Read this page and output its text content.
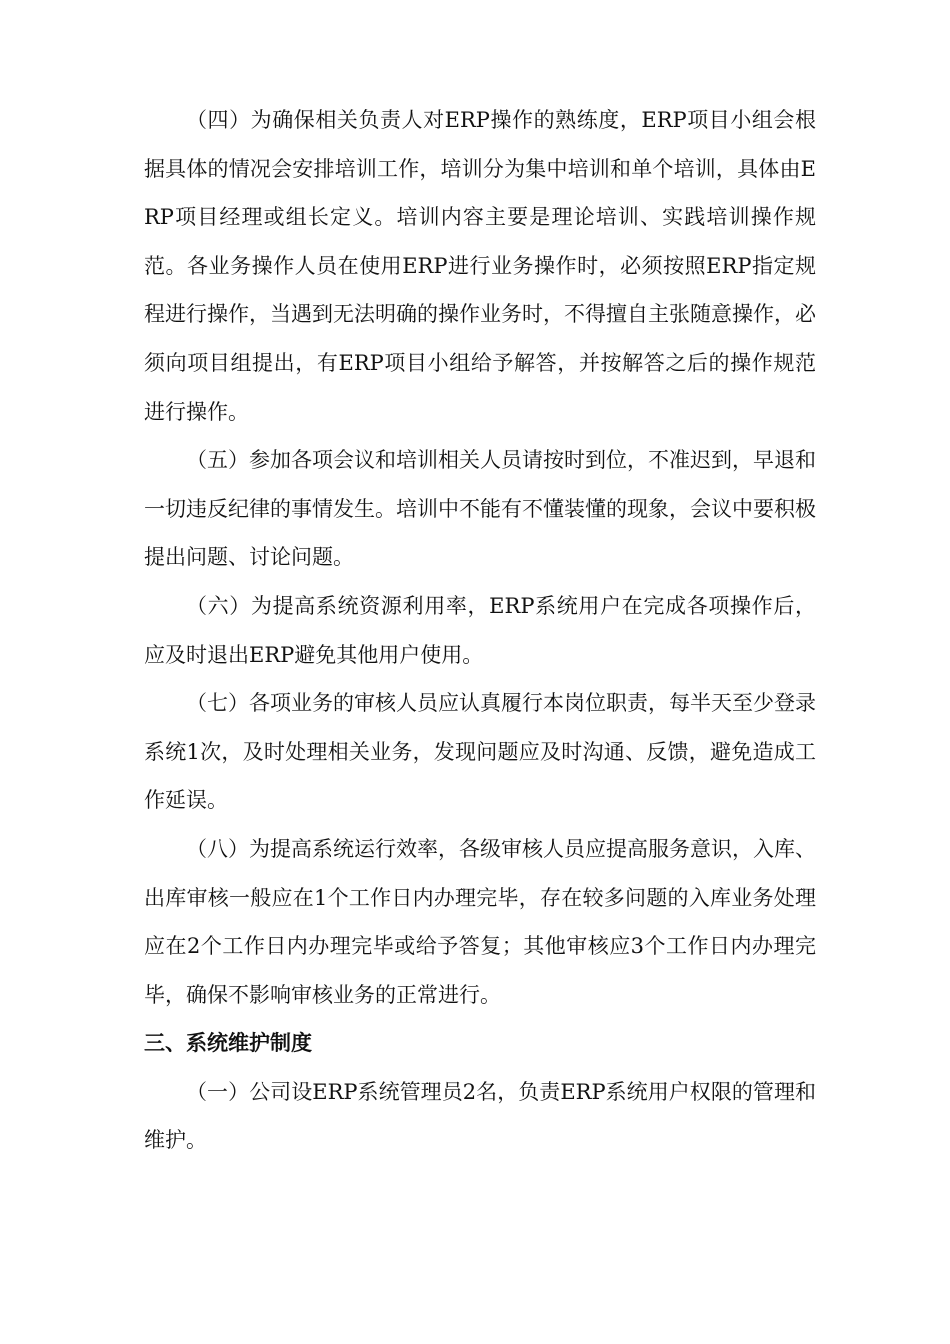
（四）为确保相关负责人对ERP操作的熟练度，ERP项目小组会根据具体的情况会安排培训工作，培训分为集中培训和单个培训，具体由ERP项目经理或组长定义。培训内容主要是理论培训、实践培训操作规范。各业务操作人员在使用ERP进行业务操作时，必须按照ERP指定规程进行操作，当遇到无法明确的操作业务时，不得擅自主张随意操作，必须向项目组提出，有ERP项目小组给予解答，并按解答之后的操作规范进行操作。

（五）参加各项会议和培训相关人员请按时到位，不准迟到，早退和一切违反纪律的事情发生。培训中不能有不懂装懂的现象，会议中要积极提出问题、讨论问题。

（六）为提高系统资源利用率，ERP系统用户在完成各项操作后，应及时退出ERP避免其他用户使用。

（七）各项业务的审核人员应认真履行本岗位职责，每半天至少登录系统1次，及时处理相关业务，发现问题应及时沟通、反馈，避免造成工作延误。

（八）为提高系统运行效率，各级审核人员应提高服务意识，入库、出库审核一般应在1个工作日内办理完毕，存在较多问题的入库业务处理应在2个工作日内办理完毕或给予答复；其他审核应3个工作日内办理完毕，确保不影响审核业务的正常进行。

三、系统维护制度

（一）公司设ERP系统管理员2名，负责ERP系统用户权限的管理和维护。
